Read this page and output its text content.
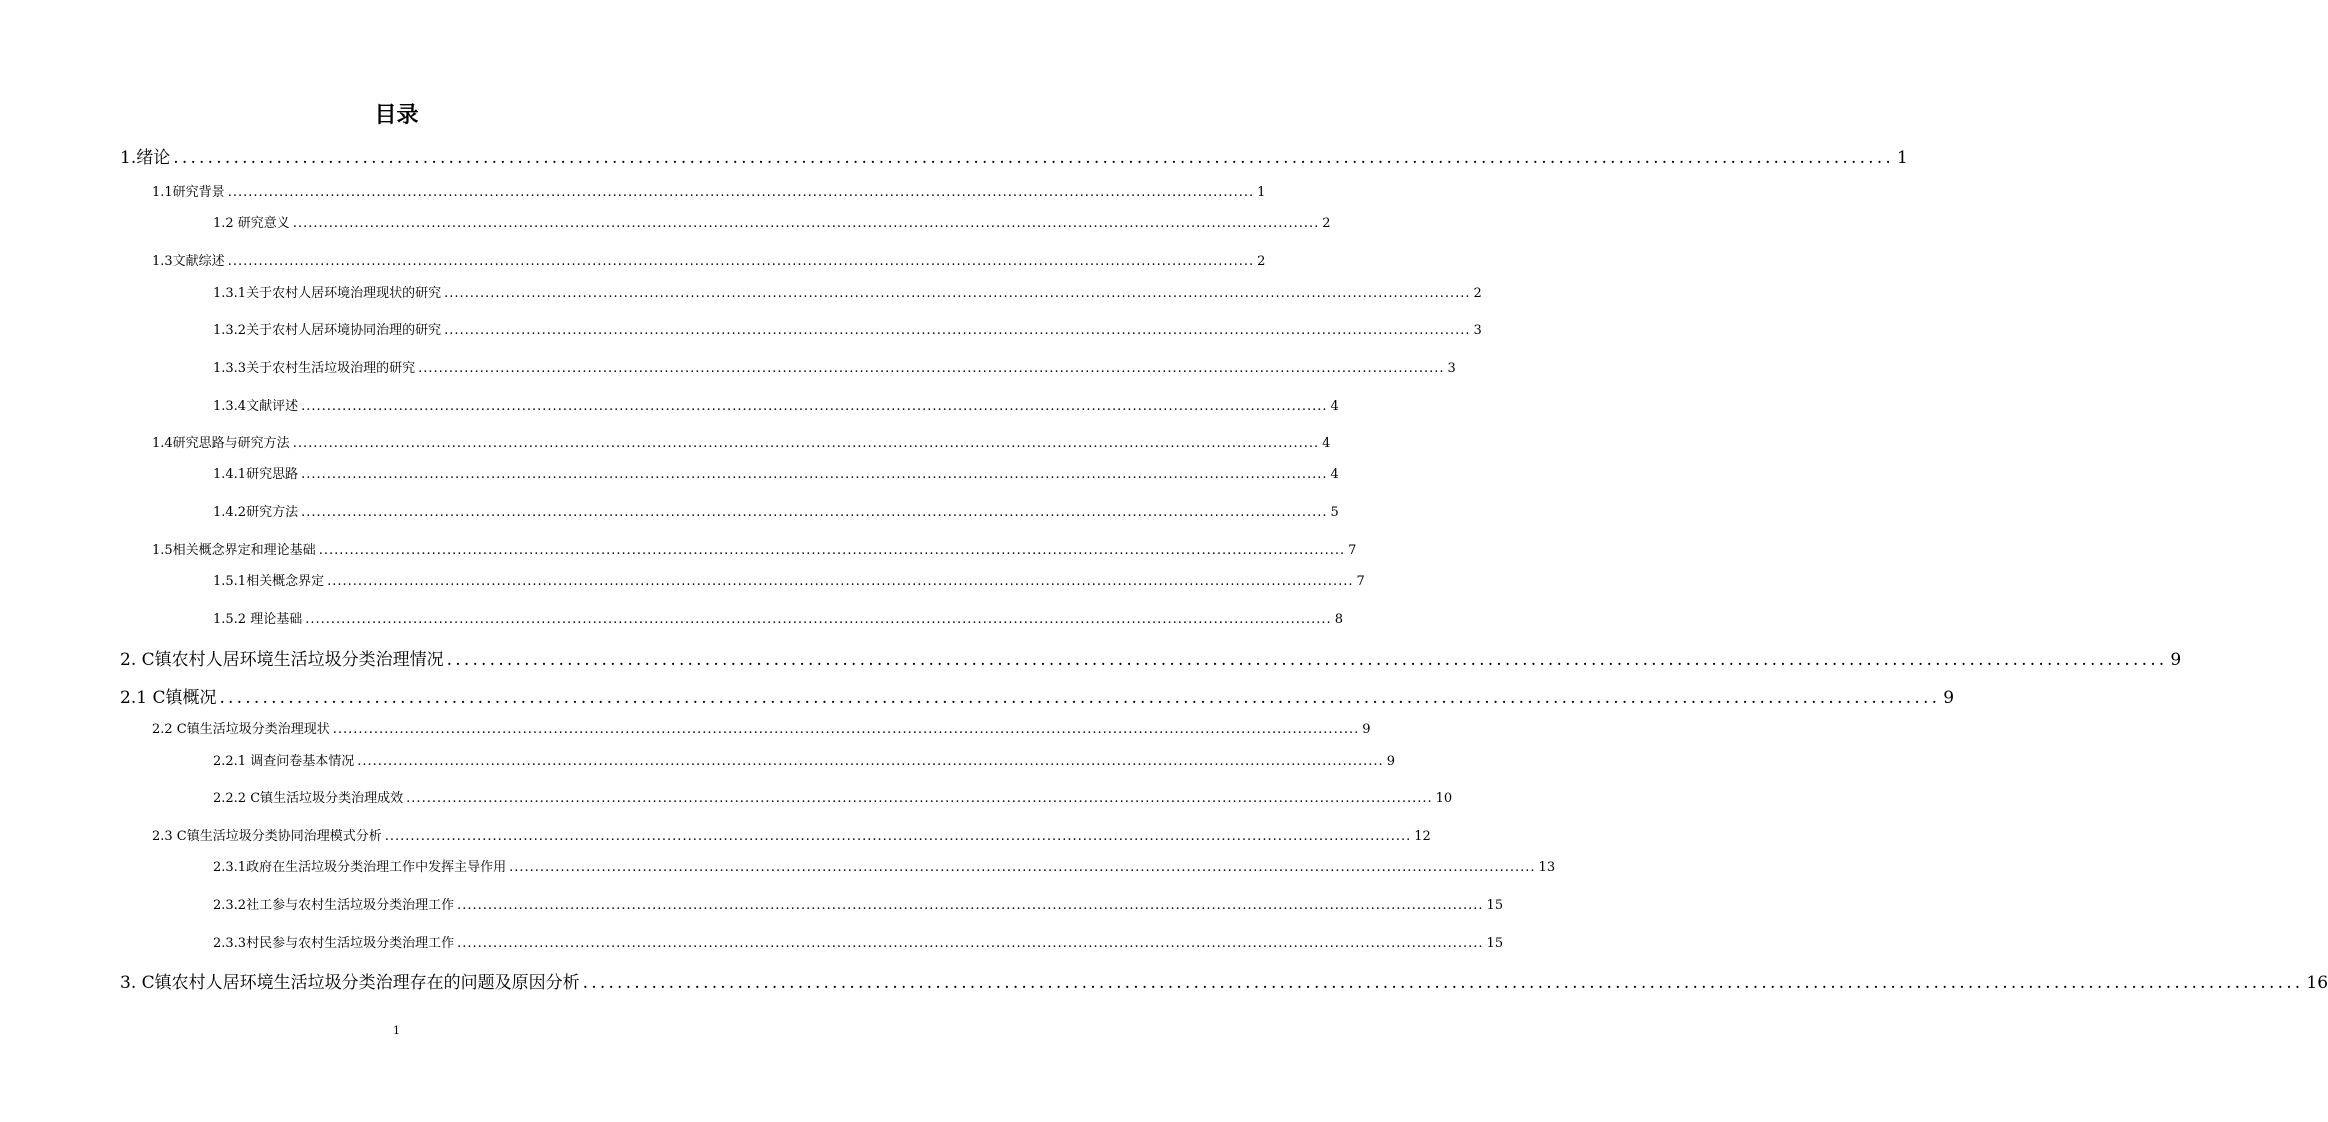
目录
1.绪论 ........................................................................................................................................................................................................ 1
1.1研究背景 ........................................................................................................................................................................................................ 1
1.2 研究意义 ........................................................................................................................................................................................................ 2
1.3文献综述 ........................................................................................................................................................................................................ 2
1.3.1关于农村人居环境治理现状的研究 ........................................................................................................................................................................................................ 2
1.3.2关于农村人居环境协同治理的研究 ........................................................................................................................................................................................................ 3
1.3.3关于农村生活垃圾治理的研究 ........................................................................................................................................................................................................ 3
1.3.4文献评述 ........................................................................................................................................................................................................ 4
1.4研究思路与研究方法 ........................................................................................................................................................................................................ 4
1.4.1研究思路 ........................................................................................................................................................................................................ 4
1.4.2研究方法 ........................................................................................................................................................................................................ 5
1.5相关概念界定和理论基础 ........................................................................................................................................................................................................ 7
1.5.1相关概念界定 ........................................................................................................................................................................................................ 7
1.5.2 理论基础 ........................................................................................................................................................................................................ 8
2. C镇农村人居环境生活垃圾分类治理情况 ........................................................................................................................................................................................................ 9
2.1 C镇概况 ........................................................................................................................................................................................................ 9
2.2 C镇生活垃圾分类治理现状 ........................................................................................................................................................................................................ 9
2.2.1 调查问卷基本情况 ........................................................................................................................................................................................................ 9
2.2.2 C镇生活垃圾分类治理成效 ........................................................................................................................................................................................................ 10
2.3 C镇生活垃圾分类协同治理模式分析 ........................................................................................................................................................................................................ 12
2.3.1政府在生活垃圾分类治理工作中发挥主导作用 ........................................................................................................................................................................................................ 13
2.3.2社工参与农村生活垃圾分类治理工作 ........................................................................................................................................................................................................ 15
2.3.3村民参与农村生活垃圾分类治理工作 ........................................................................................................................................................................................................ 15
3. C镇农村人居环境生活垃圾分类治理存在的问题及原因分析 ........................................................................................................................................................................................................ 16
1
